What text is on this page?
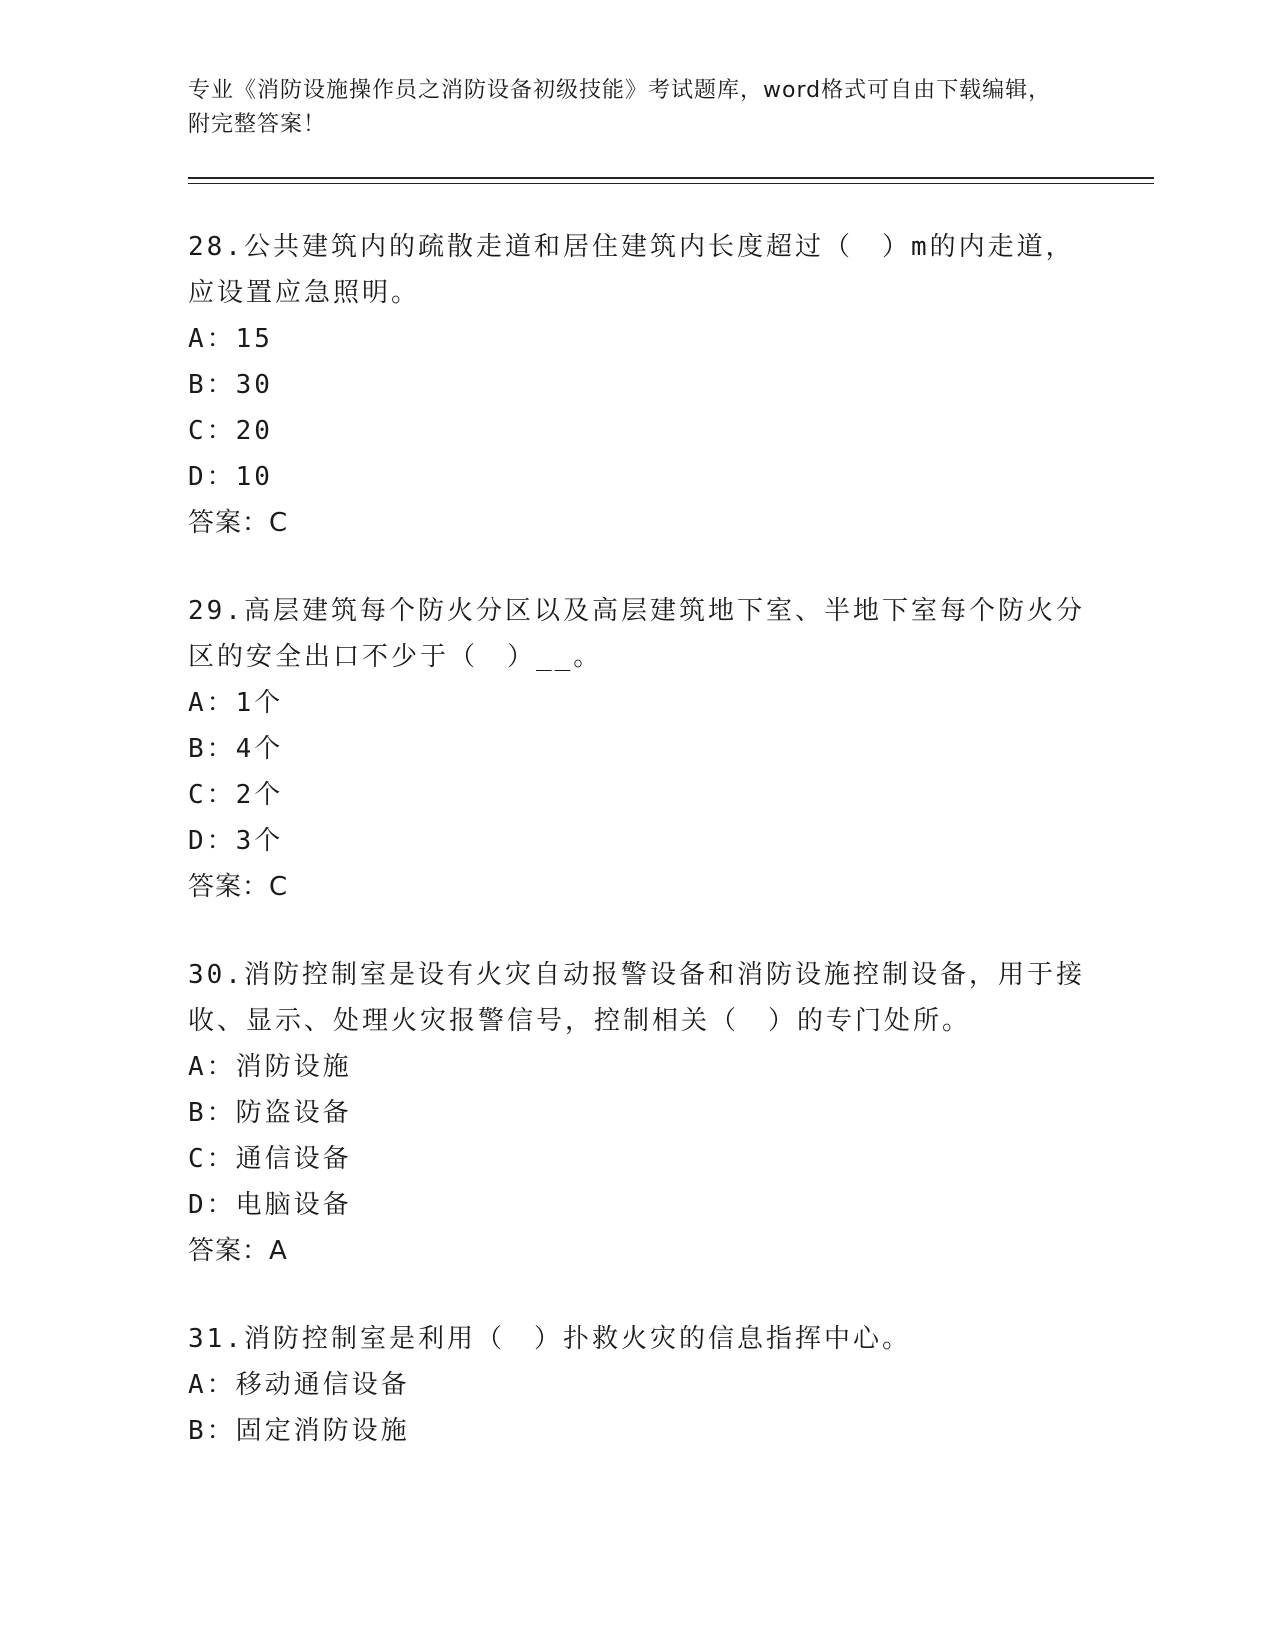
专业《消防设施操作员之消防设备初级技能》考试题库，word格式可自由下载编辑，附完整答案！
28.公共建筑内的疏散走道和居住建筑内长度超过（　）m的内走道，应设置应急照明。
A：15
B：30
C：20
D：10
答案：C
29.高层建筑每个防火分区以及高层建筑地下室、半地下室每个防火分区的安全出口不少于（　）__。
A：1个
B：4个
C：2个
D：3个
答案：C
30.消防控制室是设有火灾自动报警设备和消防设施控制设备，用于接收、显示、处理火灾报警信号，控制相关（　）的专门处所。
A：消防设施
B：防盗设备
C：通信设备
D：电脑设备
答案：A
31.消防控制室是利用（　）扑救火灾的信息指挥中心。
A：移动通信设备
B：固定消防设施
